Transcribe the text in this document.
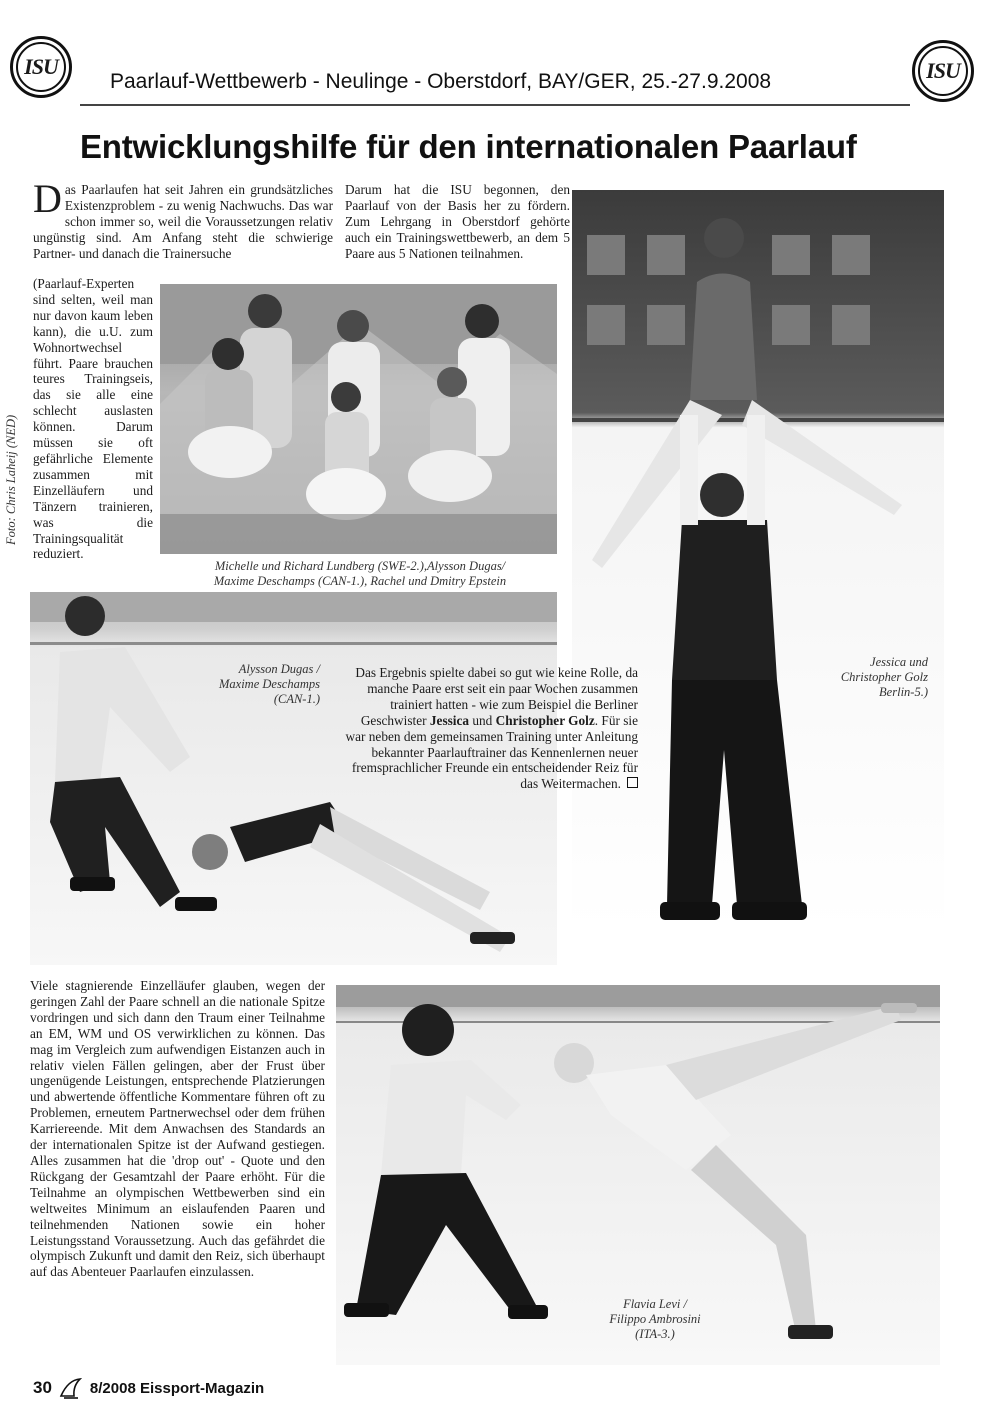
ISU	ISU
Paarlauf-Wettbewerb - Neulinge - Oberstdorf, BAY/GER, 25.-27.9.2008
Entwicklungshilfe für den internationalen Paarlauf
Foto: Chris Laheij (NED)

Das Paarlaufen hat seit Jahren ein grundsätzliches Existenzproblem - zu wenig Nachwuchs. Das war schon immer so, weil die Voraussetzungen relativ ungünstig sind. Am Anfang steht die schwierige Partner- und danach die Trainersuche

(Paarlauf-Experten sind selten, weil man nur davon kaum leben kann), die u.U. zum Wohnortwechsel führt. Paare brauchen teures Trainingseis, das sie alle eine schlecht auslasten können. Darum müssen sie oft gefährliche Elemente zusammen mit Einzelläufern und Tänzern trainieren, was die Trainingsqualität reduziert.

Darum hat die ISU begonnen, den Paarlauf von der Basis her zu fördern. Zum Lehrgang in Oberstdorf gehörte auch ein Trainingswettbewerb, an dem 5 Paare aus 5 Nationen teilnahmen.

Michelle und Richard Lundberg (SWE-2.),Alysson Dugas/
Maxime Deschamps (CAN-1.), Rachel und Dmitry Epstein
Jessica und
Christopher Golz
Berlin-5.)
Alysson Dugas /
Maxime Deschamps
(CAN-1.)

Das Ergebnis spielte dabei so gut wie keine Rolle, da manche Paare erst seit ein paar Wochen zusammen trainiert hatten - wie zum Beispiel die Berliner Geschwister Jessica und Christopher Golz. Für sie war neben dem gemeinsamen Training unter Anleitung bekannter Paarlauftrainer das Kennenlernen neuer fremsprachlicher Freunde ein entscheidender Reiz für das Weitermachen.

Viele stagnierende Einzelläufer glauben, wegen der geringen Zahl der Paare schnell an die nationale Spitze vordringen und sich dann den Traum einer Teilnahme an EM, WM und OS verwirklichen zu können. Das mag im Vergleich zum aufwendigen Eistanzen auch in relativ vielen Fällen gelingen, aber der Frust über ungenügende Leistungen, entsprechende Platzierungen und abwertende öffentliche Kommentare führen oft zu Problemen, erneutem Partnerwechsel oder dem frühen Karriereende. Mit dem Anwachsen des Standards an der internationalen Spitze ist der Aufwand gestiegen. Alles zusammen hat die 'drop out' - Quote und den Rückgang der Gesamtzahl der Paare erhöht. Für die Teilnahme an olympischen Wettbewerben sind ein weltweites Minimum an eislaufenden Paaren und teilnehmenden Nationen sowie ein hoher Leistungsstand Voraussetzung. Auch das gefährdet die olympisch Zukunft und damit den Reiz, sich überhaupt auf das Abenteuer Paarlaufen einzulassen.

Flavia Levi /
Filippo Ambrosini
(ITA-3.)
30	8/2008 Eissport-Magazin
